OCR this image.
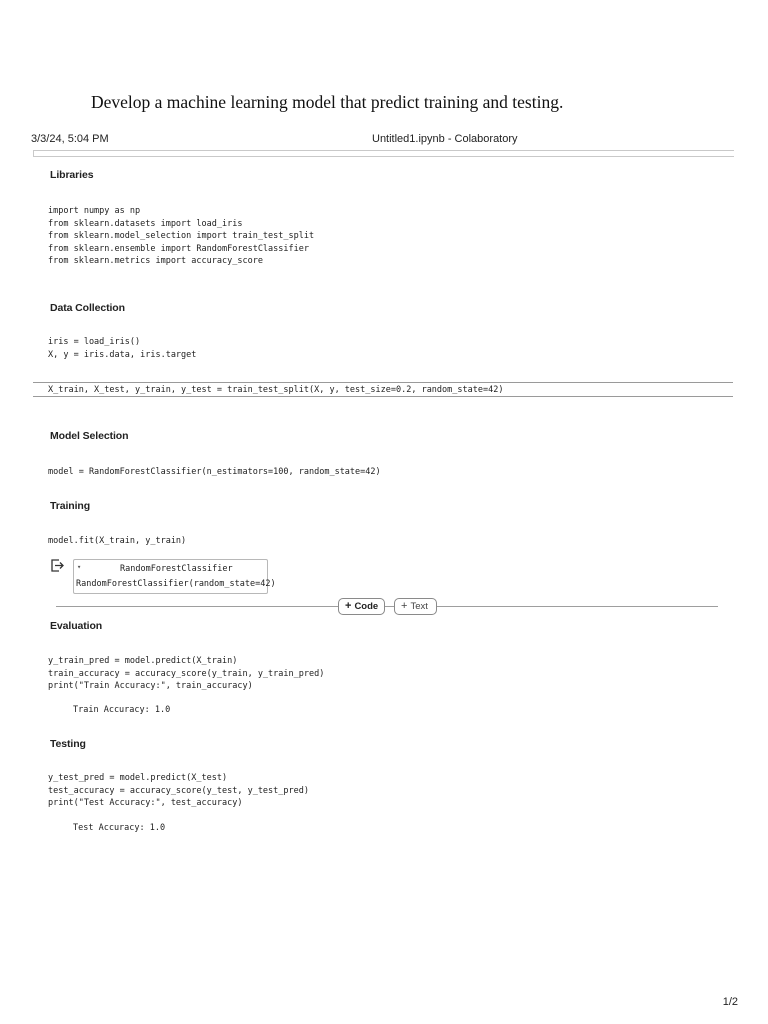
Develop a machine learning model that predict training and testing.
3/3/24, 5:04 PM	Untitled1.ipynb - Colaboratory
Libraries
import numpy as np
from sklearn.datasets import load_iris
from sklearn.model_selection import train_test_split
from sklearn.ensemble import RandomForestClassifier
from sklearn.metrics import accuracy_score
Data Collection
iris = load_iris()
X, y = iris.data, iris.target
X_train, X_test, y_train, y_test = train_test_split(X, y, test_size=0.2, random_state=42)
Model Selection
model = RandomForestClassifier(n_estimators=100, random_state=42)
Training
model.fit(X_train, y_train)
▾	RandomForestClassifier
RandomForestClassifier(random_state=42)
+ Code + Text
Evaluation
y_train_pred = model.predict(X_train)
train_accuracy = accuracy_score(y_train, y_train_pred)
print("Train Accuracy:", train_accuracy)
Train Accuracy: 1.0
Testing
y_test_pred = model.predict(X_test)
test_accuracy = accuracy_score(y_test, y_test_pred)
print("Test Accuracy:", test_accuracy)
Test Accuracy: 1.0
1/2
